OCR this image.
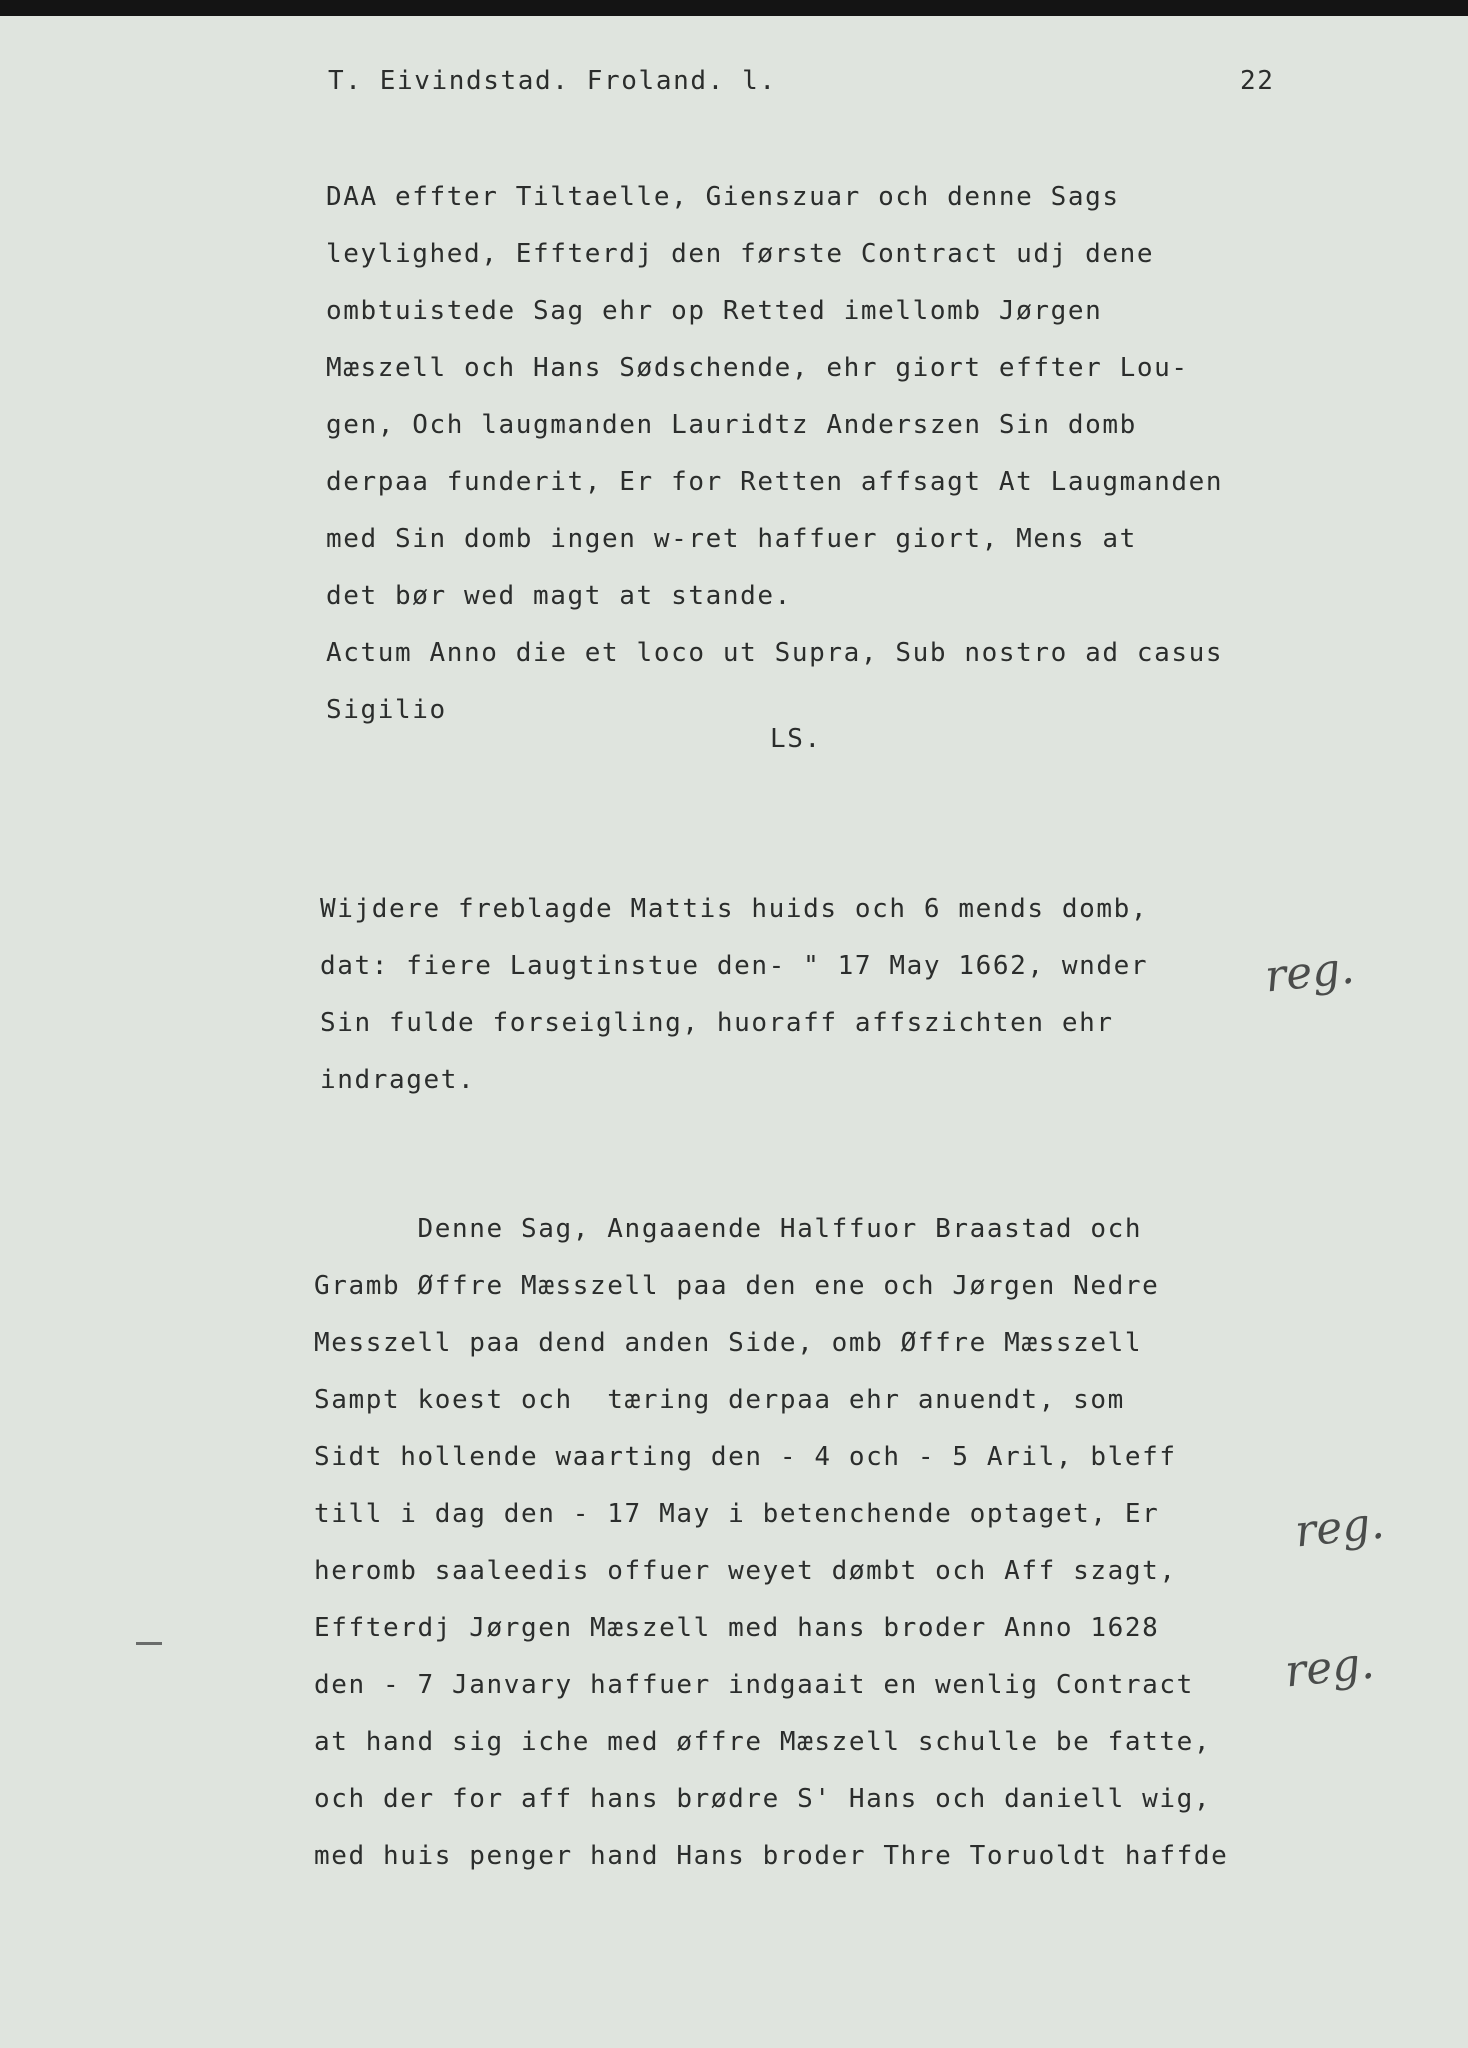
T. Eivindstad. Froland. l.	22
DAA effter Tiltaelle, Gienszuar och denne Sags
leylighed, Effterdj den første Contract udj dene
ombtuistede Sag ehr op Retted imellomb Jørgen
Mæszell och Hans Sødschende, ehr giort effter Lou-
gen, Och laugmanden Lauridtz Anderszen Sin domb
derpaa funderit, Er for Retten affsagt At Laugmanden
med Sin domb ingen w-ret haffuer giort, Mens at
det bør wed magt at stande.
Actum Anno die et loco ut Supra, Sub nostro ad casus
Sigilio
LS.
Wijdere freblagde Mattis huids och 6 mends domb,
dat: fiere Laugtinstue den- " 17 May 1662, wnder
Sin fulde forseigling, huoraff affszichten ehr
indraget.
Denne Sag, Angaaende Halffuor Braastad och
Gramb Øffre Mæsszell paa den ene och Jørgen Nedre
Messzell paa dend anden Side, omb Øffre Mæsszell
Sampt koest och  tæring derpaa ehr anuendt, som
Sidt hollende waarting den - 4 och - 5 Aril, bleff
till i dag den - 17 May i betenchende optaget, Er
heromb saaleedis offuer weyet dømbt och Aff szagt,
Effterdj Jørgen Mæszell med hans broder Anno 1628
den - 7 Janvary haffuer indgaait en wenlig Contract
at hand sig iche med øffre Mæszell schulle be fatte,
och der for aff hans brødre S' Hans och daniell wig,
med huis penger hand Hans broder Thre Toruoldt haffde
reg.
reg.
reg.
